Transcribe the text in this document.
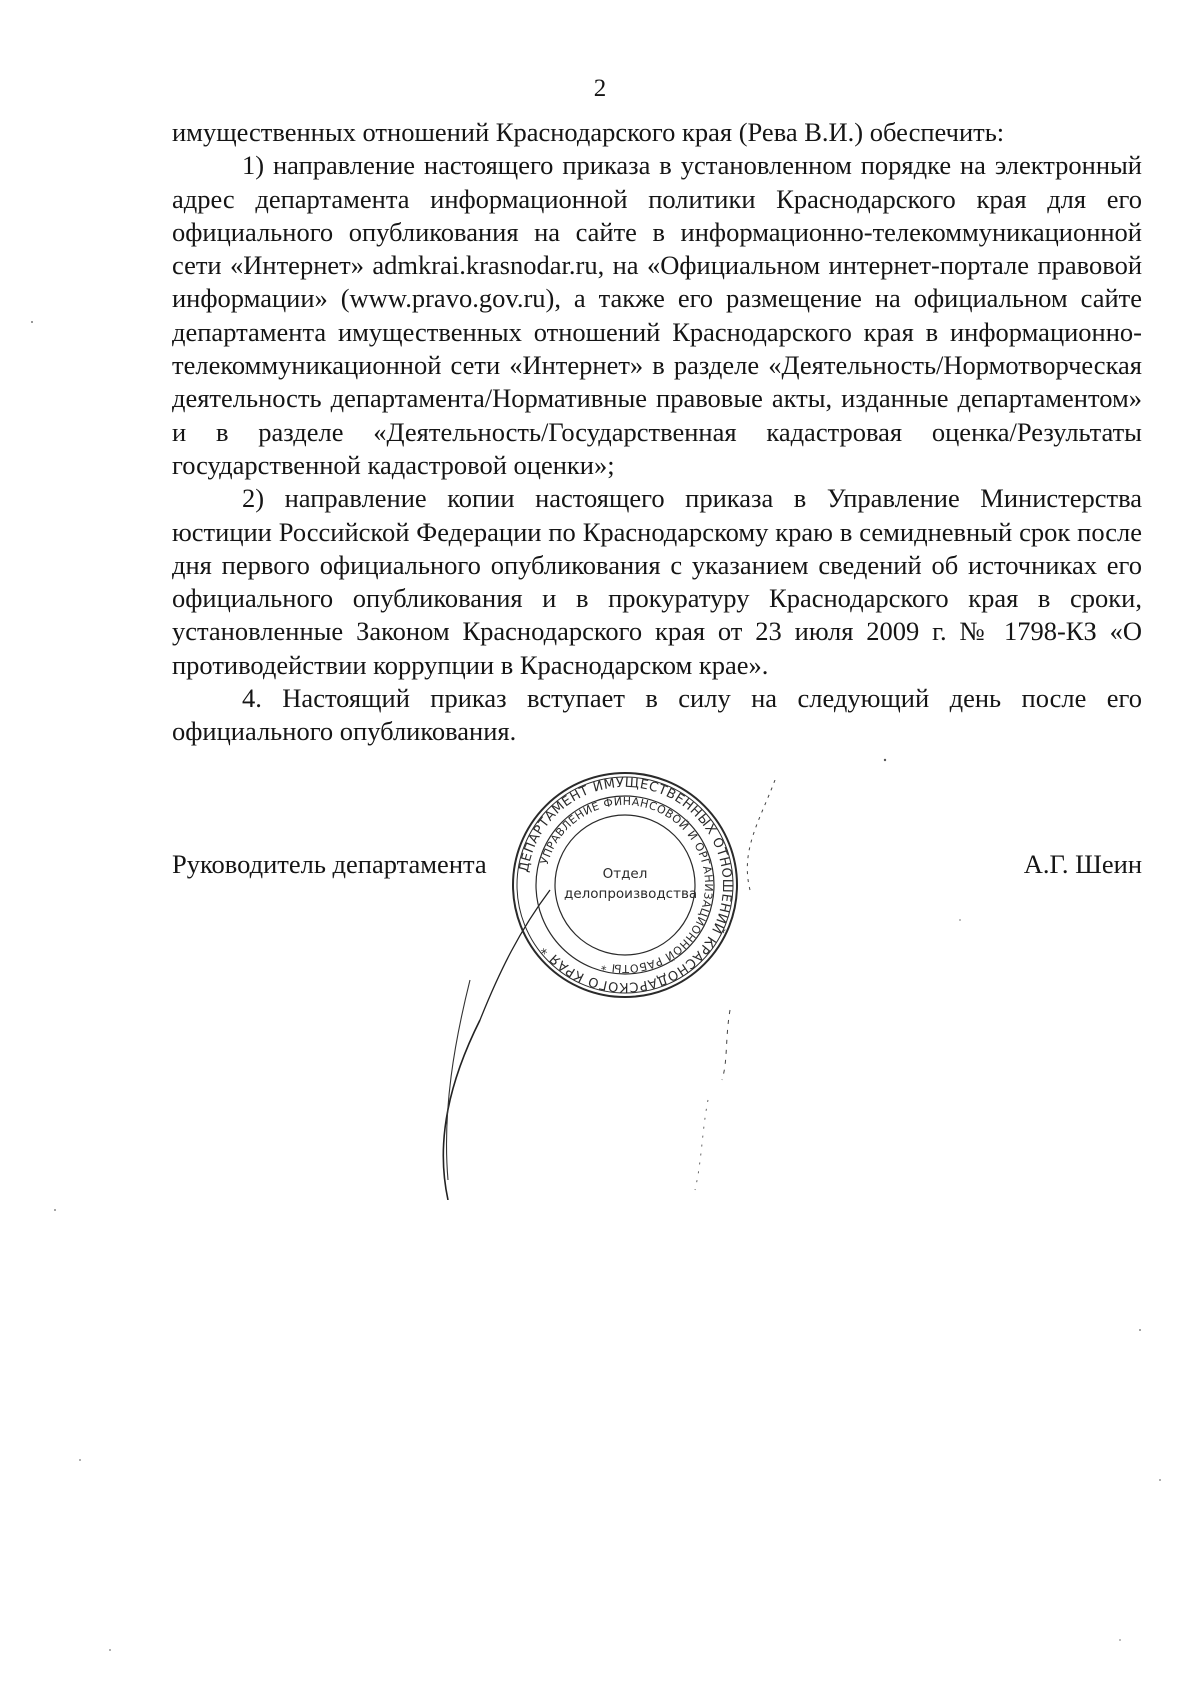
2

имущественных отношений Краснодарского края (Рева В.И.) обеспечить:

1) направление настоящего приказа в установленном порядке на электронный адрес департамента информационной политики Краснодарского края для его официального опубликования на сайте в информационно-телекоммуникационной сети «Интернет» admkrai.krasnodar.ru, на «Официальном интернет-портале правовой информации» (www.pravo.gov.ru), а также его размещение на официальном сайте департамента имущественных отношений Краснодарского края в информационно-телекоммуникационной сети «Интернет» в разделе «Деятельность/Нормотворческая деятельность департамента/Нормативные правовые акты, изданные департаментом» и в разделе «Деятельность/Государственная кадастровая оценка/Результаты государственной кадастровой оценки»;

2) направление копии настоящего приказа в Управление Министерства юстиции Российской Федерации по Краснодарскому краю в семидневный срок после дня первого официального опубликования с указанием сведений об источниках его официального опубликования и в прокуратуру Краснодарского края в сроки, установленные Законом Краснодарского края от 23 июля 2009 г. № 1798-КЗ «О противодействии коррупции в Краснодарском крае».

4. Настоящий приказ вступает в силу на следующий день после его официального опубликования.

ДЕПАРТАМЕНТ ИМУЩЕСТВЕННЫХ ОТНОШЕНИЙ КРАСНОДАРСКОГО КРАЯ *
УПРАВЛЕНИЕ ФИНАНСОВОЙ И ОРГАНИЗАЦИОННОЙ РАБОТЫ *
Отдел
делопроизводства
Руководитель департамента	А.Г. Шеин
